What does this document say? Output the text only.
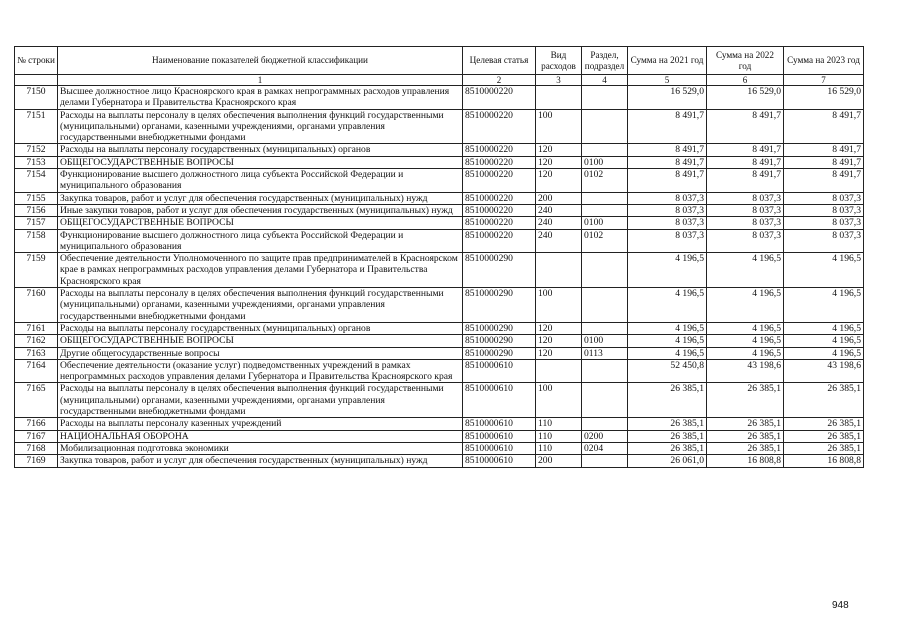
№ строки	Наименование показателей бюджетной классификации	Целевая статья	Вид расходов	Раздел, подраздел	Сумма на 2021 год	Сумма на 2022 год	Сумма на 2023 год
	1	2	3	4	5	6	7
7150	Высшее должностное лицо Красноярского края в рамках непрограммных расходов управления делами Губернатора и Правительства Красноярского края	8510000220			16 529,0	16 529,0	16 529,0
7151	Расходы на выплаты персоналу в целях обеспечения выполнения функций государственными (муниципальными) органами, казенными учреждениями, органами управления государственными внебюджетными фондами	8510000220	100		8 491,7	8 491,7	8 491,7
7152	Расходы на выплаты персоналу государственных (муниципальных) органов	8510000220	120		8 491,7	8 491,7	8 491,7
7153	ОБЩЕГОСУДАРСТВЕННЫЕ ВОПРОСЫ	8510000220	120	0100	8 491,7	8 491,7	8 491,7
7154	Функционирование высшего должностного лица субъекта Российской Федерации и муниципального образования	8510000220	120	0102	8 491,7	8 491,7	8 491,7
7155	Закупка товаров, работ и услуг для обеспечения государственных (муниципальных) нужд	8510000220	200		8 037,3	8 037,3	8 037,3
7156	Иные закупки товаров, работ и услуг для обеспечения государственных (муниципальных) нужд	8510000220	240		8 037,3	8 037,3	8 037,3
7157	ОБЩЕГОСУДАРСТВЕННЫЕ ВОПРОСЫ	8510000220	240	0100	8 037,3	8 037,3	8 037,3
7158	Функционирование высшего должностного лица субъекта Российской Федерации и муниципального образования	8510000220	240	0102	8 037,3	8 037,3	8 037,3
7159	Обеспечение деятельности Уполномоченного по защите прав предпринимателей в Красноярском крае в рамках непрограммных расходов управления делами Губернатора и Правительства Красноярского края	8510000290			4 196,5	4 196,5	4 196,5
7160	Расходы на выплаты персоналу в целях обеспечения выполнения функций государственными (муниципальными) органами, казенными учреждениями, органами управления государственными внебюджетными фондами	8510000290	100		4 196,5	4 196,5	4 196,5
7161	Расходы на выплаты персоналу государственных (муниципальных) органов	8510000290	120		4 196,5	4 196,5	4 196,5
7162	ОБЩЕГОСУДАРСТВЕННЫЕ ВОПРОСЫ	8510000290	120	0100	4 196,5	4 196,5	4 196,5
7163	Другие общегосударственные вопросы	8510000290	120	0113	4 196,5	4 196,5	4 196,5
7164	Обеспечение деятельности (оказание услуг) подведомственных учреждений в рамках непрограммных расходов управления делами Губернатора и Правительства Красноярского края	8510000610			52 450,8	43 198,6	43 198,6
7165	Расходы на выплаты персоналу в целях обеспечения выполнения функций государственными (муниципальными) органами, казенными учреждениями, органами управления государственными внебюджетными фондами	8510000610	100		26 385,1	26 385,1	26 385,1
7166	Расходы на выплаты персоналу казенных учреждений	8510000610	110		26 385,1	26 385,1	26 385,1
7167	НАЦИОНАЛЬНАЯ ОБОРОНА	8510000610	110	0200	26 385,1	26 385,1	26 385,1
7168	Мобилизационная подготовка экономики	8510000610	110	0204	26 385,1	26 385,1	26 385,1
7169	Закупка товаров, работ и услуг для обеспечения государственных (муниципальных) нужд	8510000610	200		26 061,0	16 808,8	16 808,8
948
